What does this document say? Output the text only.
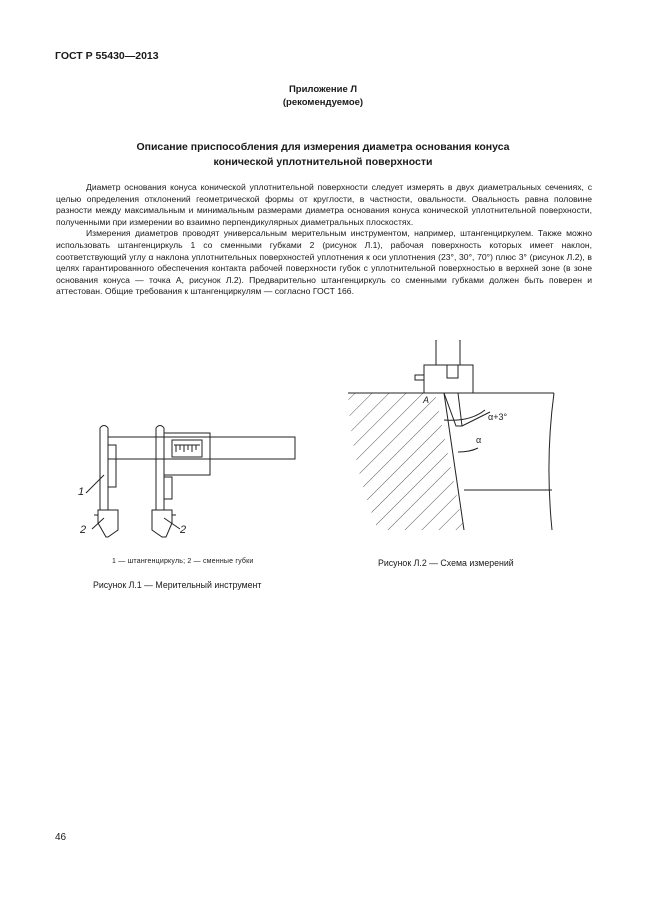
ГОСТ Р 55430—2013
Приложение Л
(рекомендуемое)
Описание приспособления для измерения диаметра основания конуса
конической уплотнительной поверхности

Диаметр основания конуса конической уплотнительной поверхности следует измерять в двух диаметральных сечениях, с целью определения отклонений геометрической формы от круглости, в частности, овальности. Овальность равна половине разности между максимальным и минимальным размерами диаметра основания конуса конической уплотнительной поверхности, полученными при измерении во взаимно перпендикулярных диаметральных плоскостях.

Измерения диаметров проводят универсальным мерительным инструментом, например, штангенциркулем. Также можно использовать штангенциркуль 1 со сменными губками 2 (рисунок Л.1), рабочая поверхность которых имеет наклон, соответствующий углу α наклона уплотнительных поверхностей уплотнения к оси уплотнения (23°, 30°, 70°) плюс 3° (рисунок Л.2), в целях гарантированного обеспечения контакта рабочей поверхности губок с уплотнительной поверхностью в верхней зоне (в зоне основания конуса — точка А, рисунок Л.2). Предварительно штангенциркуль со сменными губками должен быть поверен и аттестован. Общие требования к штангенциркулям — согласно ГОСТ 166.

1
2	2
1 — штангенциркуль; 2 — сменные губки
Рисунок Л.1 — Мерительный инструмент
A
α+3°
α
Рисунок Л.2 — Схема измерений
46
